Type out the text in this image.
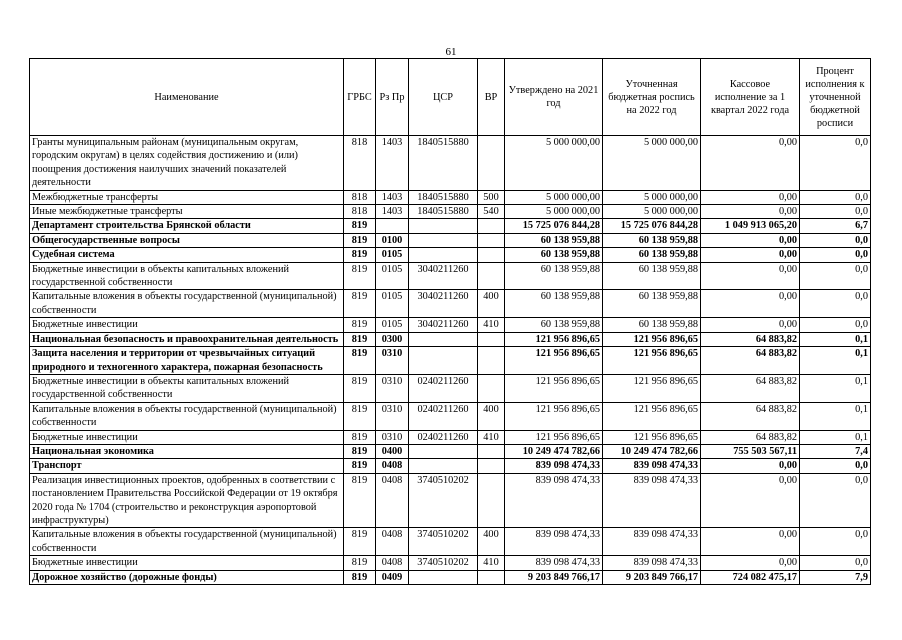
61
Наименование	ГРБС	Рз Пр	ЦСР	ВР	Утверждено на 2021 год	Уточненная бюджетная роспись на 2022 год	Кассовое исполнение за 1 квартал 2022 года	Процент исполнения к уточненной бюджетной росписи
Гранты муниципальным районам (муниципальным округам, городским округам) в целях содействия достижению и (или) поощрения достижения наилучших значений показателей деятельности	818	1403	1840515880		5 000 000,00	5 000 000,00	0,00	0,0
Межбюджетные трансферты	818	1403	1840515880	500	5 000 000,00	5 000 000,00	0,00	0,0
Иные межбюджетные трансферты	818	1403	1840515880	540	5 000 000,00	5 000 000,00	0,00	0,0
Департамент строительства Брянской области	819				15 725 076 844,28	15 725 076 844,28	1 049 913 065,20	6,7
Общегосударственные вопросы	819	0100			60 138 959,88	60 138 959,88	0,00	0,0
Судебная система	819	0105			60 138 959,88	60 138 959,88	0,00	0,0
Бюджетные инвестиции в объекты капитальных вложений государственной собственности	819	0105	3040211260		60 138 959,88	60 138 959,88	0,00	0,0
Капитальные вложения в объекты государственной (муниципальной) собственности	819	0105	3040211260	400	60 138 959,88	60 138 959,88	0,00	0,0
Бюджетные инвестиции	819	0105	3040211260	410	60 138 959,88	60 138 959,88	0,00	0,0
Национальная безопасность и правоохранительная деятельность	819	0300			121 956 896,65	121 956 896,65	64 883,82	0,1
Защита населения и территории от чрезвычайных ситуаций природного и техногенного характера, пожарная безопасность	819	0310			121 956 896,65	121 956 896,65	64 883,82	0,1
Бюджетные инвестиции в объекты капитальных вложений государственной собственности	819	0310	0240211260		121 956 896,65	121 956 896,65	64 883,82	0,1
Капитальные вложения в объекты государственной (муниципальной) собственности	819	0310	0240211260	400	121 956 896,65	121 956 896,65	64 883,82	0,1
Бюджетные инвестиции	819	0310	0240211260	410	121 956 896,65	121 956 896,65	64 883,82	0,1
Национальная экономика	819	0400			10 249 474 782,66	10 249 474 782,66	755 503 567,11	7,4
Транспорт	819	0408			839 098 474,33	839 098 474,33	0,00	0,0
Реализация инвестиционных проектов, одобренных в соответствии с постановлением Правительства Российской Федерации от 19 октября 2020 года № 1704 (строительство и реконструкция аэропортовой инфраструктуры)	819	0408	3740510202		839 098 474,33	839 098 474,33	0,00	0,0
Капитальные вложения в объекты государственной (муниципальной) собственности	819	0408	3740510202	400	839 098 474,33	839 098 474,33	0,00	0,0
Бюджетные инвестиции	819	0408	3740510202	410	839 098 474,33	839 098 474,33	0,00	0,0
Дорожное хозяйство (дорожные фонды)	819	0409			9 203 849 766,17	9 203 849 766,17	724 082 475,17	7,9
